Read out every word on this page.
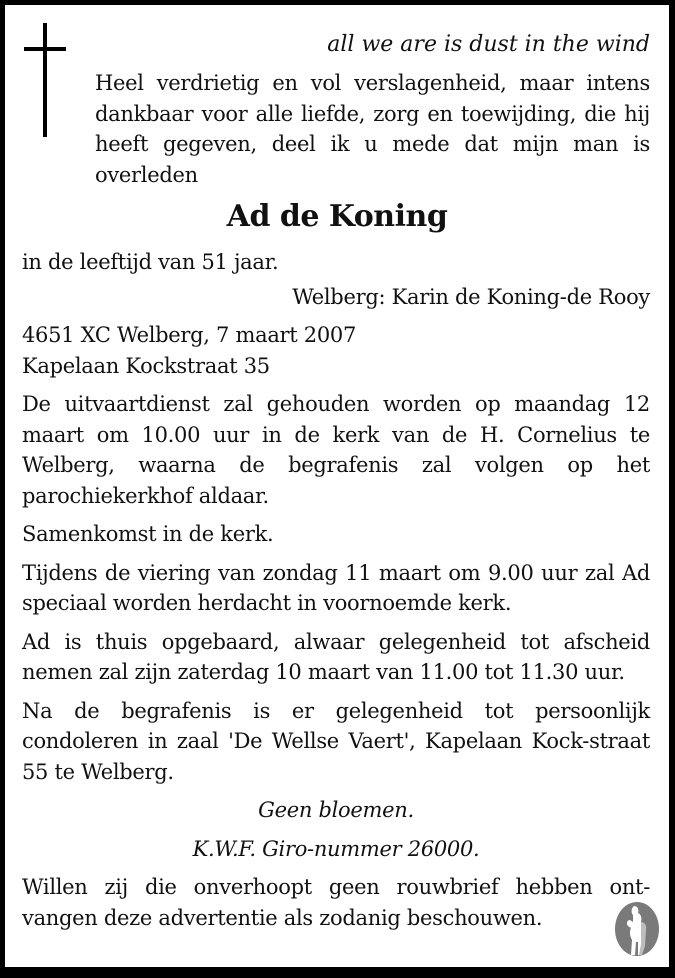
all we are is dust in the wind
Heel verdrietig en vol verslagenheid, maar intens dankbaar voor alle liefde, zorg en toewijding, die hij heeft gegeven, deel ik u mede dat mijn man is overleden
Ad de Koning

in de leeftijd van 51 jaar.

Welberg: Karin de Koning-de Rooy

4651 XC Welberg, 7 maart 2007

Kapelaan Kockstraat 35

De uitvaartdienst zal gehouden worden op maandag 12 maart om 10.00 uur in de kerk van de H. Cornelius te Welberg, waarna de begrafenis zal volgen op het parochiekerkhof aldaar.

Samenkomst in de kerk.

Tijdens de viering van zondag 11 maart om 9.00 uur zal Ad speciaal worden herdacht in voornoemde kerk.

Ad is thuis opgebaard, alwaar gelegenheid tot afscheid nemen zal zijn zaterdag 10 maart van 11.00 tot 11.30 uur.

Na de begrafenis is er gelegenheid tot persoonlijk condoleren in zaal 'De Wellse Vaert', Kapelaan Kock-straat 55 te Welberg.

Geen bloemen.

K.W.F. Giro-nummer 26000.

Willen zij die onverhoopt geen rouwbrief hebben ont-vangen deze advertentie als zodanig beschouwen.
